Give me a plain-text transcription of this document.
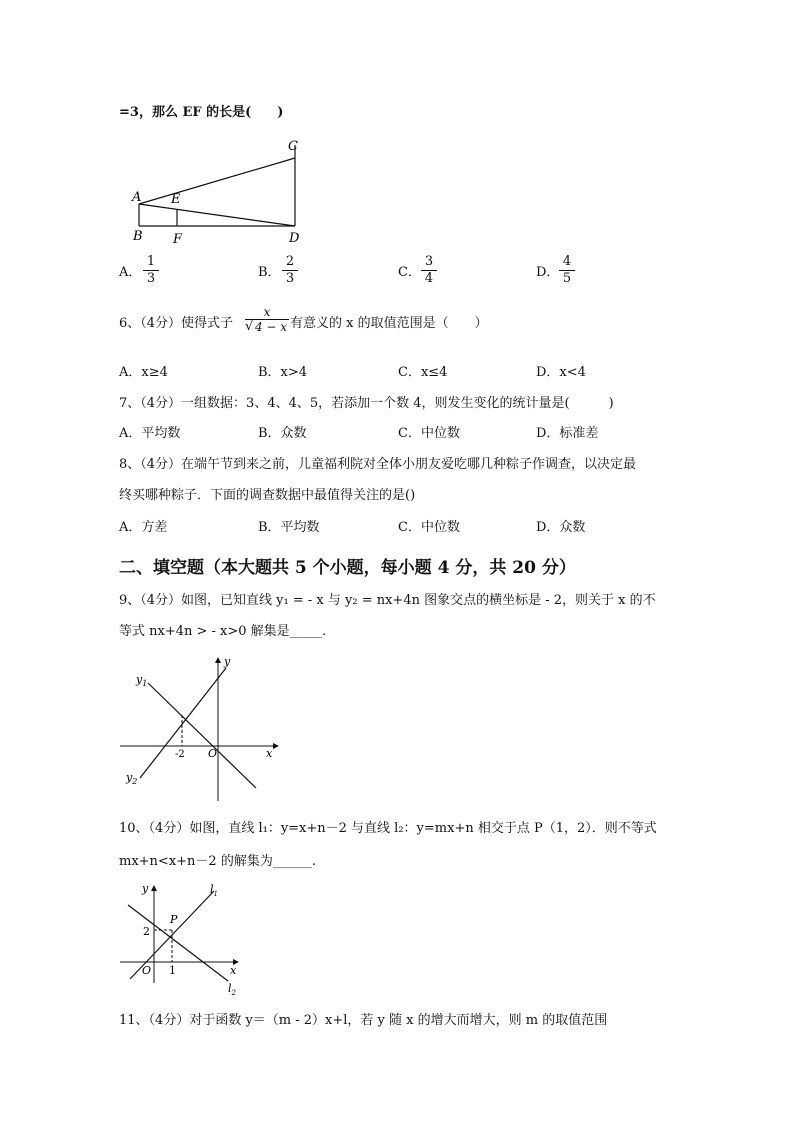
=3，那么 EF 的长是(　　)
C
A E
B F	D
A． $\frac{1}{3}$	B． $\frac{2}{3}$	C． $\frac{3}{4}$	D． $\frac{4}{5}$
6、（4分）使得式子 $\frac{x}{√ 4 - x}$ 有意义的 x 的取值范围是（　　）
A．x≥4	B．x>4	C．x≤4	D．x<4
7、（4分）一组数据：3、4、4、5，若添加一个数 4，则发生变化的统计量是(　　　)
A．平均数	B．众数	C．中位数	D．标准差
8、（4分）在端午节到来之前，儿童福利院对全体小朋友爱吃哪几种粽子作调查，以决定最
终买哪种粽子．下面的调查数据中最值得关注的是()
A．方差	B．平均数	C．中位数	D．众数
二、填空题（本大题共 5 个小题，每小题 4 分，共 20 分）
9、（4分）如图，已知直线 y₁ = - x 与 y₂ = nx+4n 图象交点的横坐标是 - 2，则关于 x 的不
等式 nx+4n > - x>0 解集是_____.
$y_1$
$y_2$
y
x
O
-2
10、（4分）如图，直线 l₁：y=x+n－2 与直线 l₂：y=mx+n 相交于点 P（1，2）．则不等式
mx+n<x+n－2 的解集为______.
y
x
O
P
2
1
$l_1$
$l_2$
11、（4分）对于函数 y＝（m - 2）x+l，若 y 随 x 的增大而增大，则 m 的取值范围
